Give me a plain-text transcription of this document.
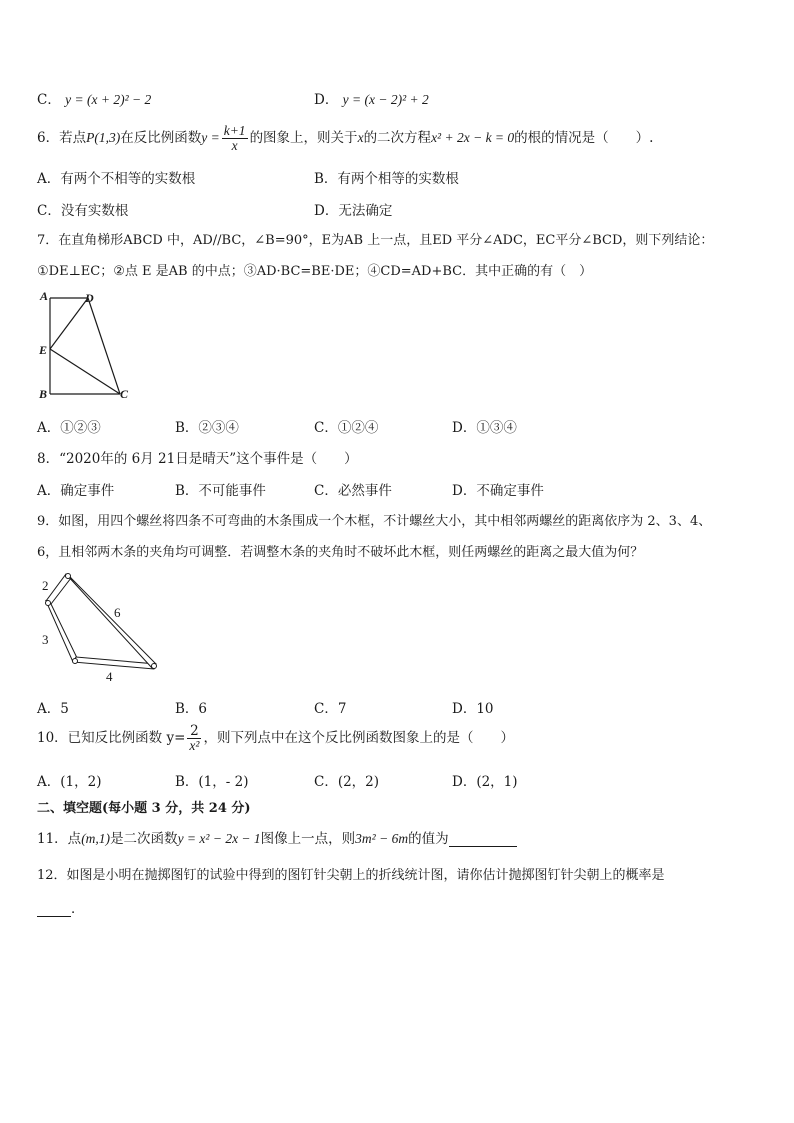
C． y = (x + 2)² − 2	D． y = (x − 2)² + 2
6．若点P(1,3)在反比例函数$y = \frac{k+1}{x}$ 的图象上，则关于x的二次方程x² + 2x − k = 0的根的情况是（　　）.
A．有两个不相等的实数根	B．有两个相等的实数根
C．没有实数根	D．无法确定
7．在直角梯形ABCD 中，AD//BC，∠B=90°，E为AB 上一点，且ED 平分∠ADC，EC平分∠BCD，则下列结论：
①DE⊥EC；②点 E 是AB 的中点；③AD·BC=BE·DE；④CD=AD+BC．其中正确的有（　）
A	D
E
B	C
A．①②③	B．②③④	C．①②④	D．①③④
8．“2020年的 6月 21日是晴天”这个事件是（　　）
A．确定事件	B．不可能事件	C．必然事件	D．不确定事件
9．如图，用四个螺丝将四条不可弯曲的木条围成一个木框，不计螺丝大小，其中相邻两螺丝的距离依序为 2、3、4、
6，且相邻两木条的夹角均可调整．若调整木条的夹角时不破坏此木框，则任两螺丝的距离之最大值为何？
2
6
3
4
A．5	B．6	C．7	D．10
10．已知反比例函数 $y= \frac{2}{\text{x²}}$ ，则下列点中在这个反比例函数图象上的是（　　）
A．(1，2)	B．(1，- 2)	C．(2，2)	D．(2，1)
二、填空题(每小题 3 分，共 24 分)
11．点(m,1)是二次函数y = x² − 2x − 1图像上一点，则3m² − 6m的值为
12．如图是小明在抛掷图钉的试验中得到的图钉针尖朝上的折线统计图，请你估计抛掷图钉针尖朝上的概率是
．
